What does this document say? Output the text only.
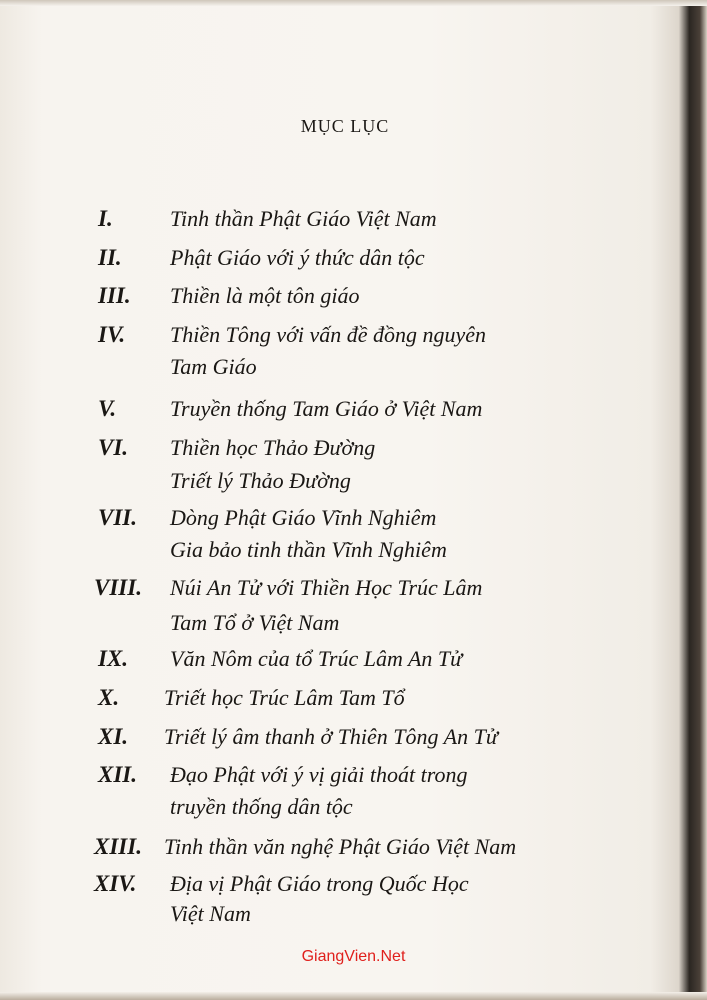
MỤC LỤC
I.	Tinh thần Phật Giáo Việt Nam
II. Phật Giáo với ý thức dân tộc
III. Thiền là một tôn giáo
IV. Thiền Tông với vấn đề đồng nguyên
Tam Giáo
V. Truyền thống Tam Giáo ở Việt Nam
VI. Thiền học Thảo Đường
Triết lý Thảo Đường
VII. Dòng Phật Giáo Vĩnh Nghiêm
Gia bảo tinh thần Vĩnh Nghiêm
VIII. Núi An Tử với Thiền Học Trúc Lâm
Tam Tổ ở Việt Nam
IX. Văn Nôm của tổ Trúc Lâm An Tử
X. Triết học Trúc Lâm Tam Tổ
XI. Triết lý âm thanh ở Thiên Tông An Tử
XII. Đạo Phật với ý vị giải thoát trong
truyền thống dân tộc
XIII. Tinh thần văn nghệ Phật Giáo Việt Nam
XIV. Địa vị Phật Giáo trong Quốc Học
Việt Nam
GiangVien.Net
